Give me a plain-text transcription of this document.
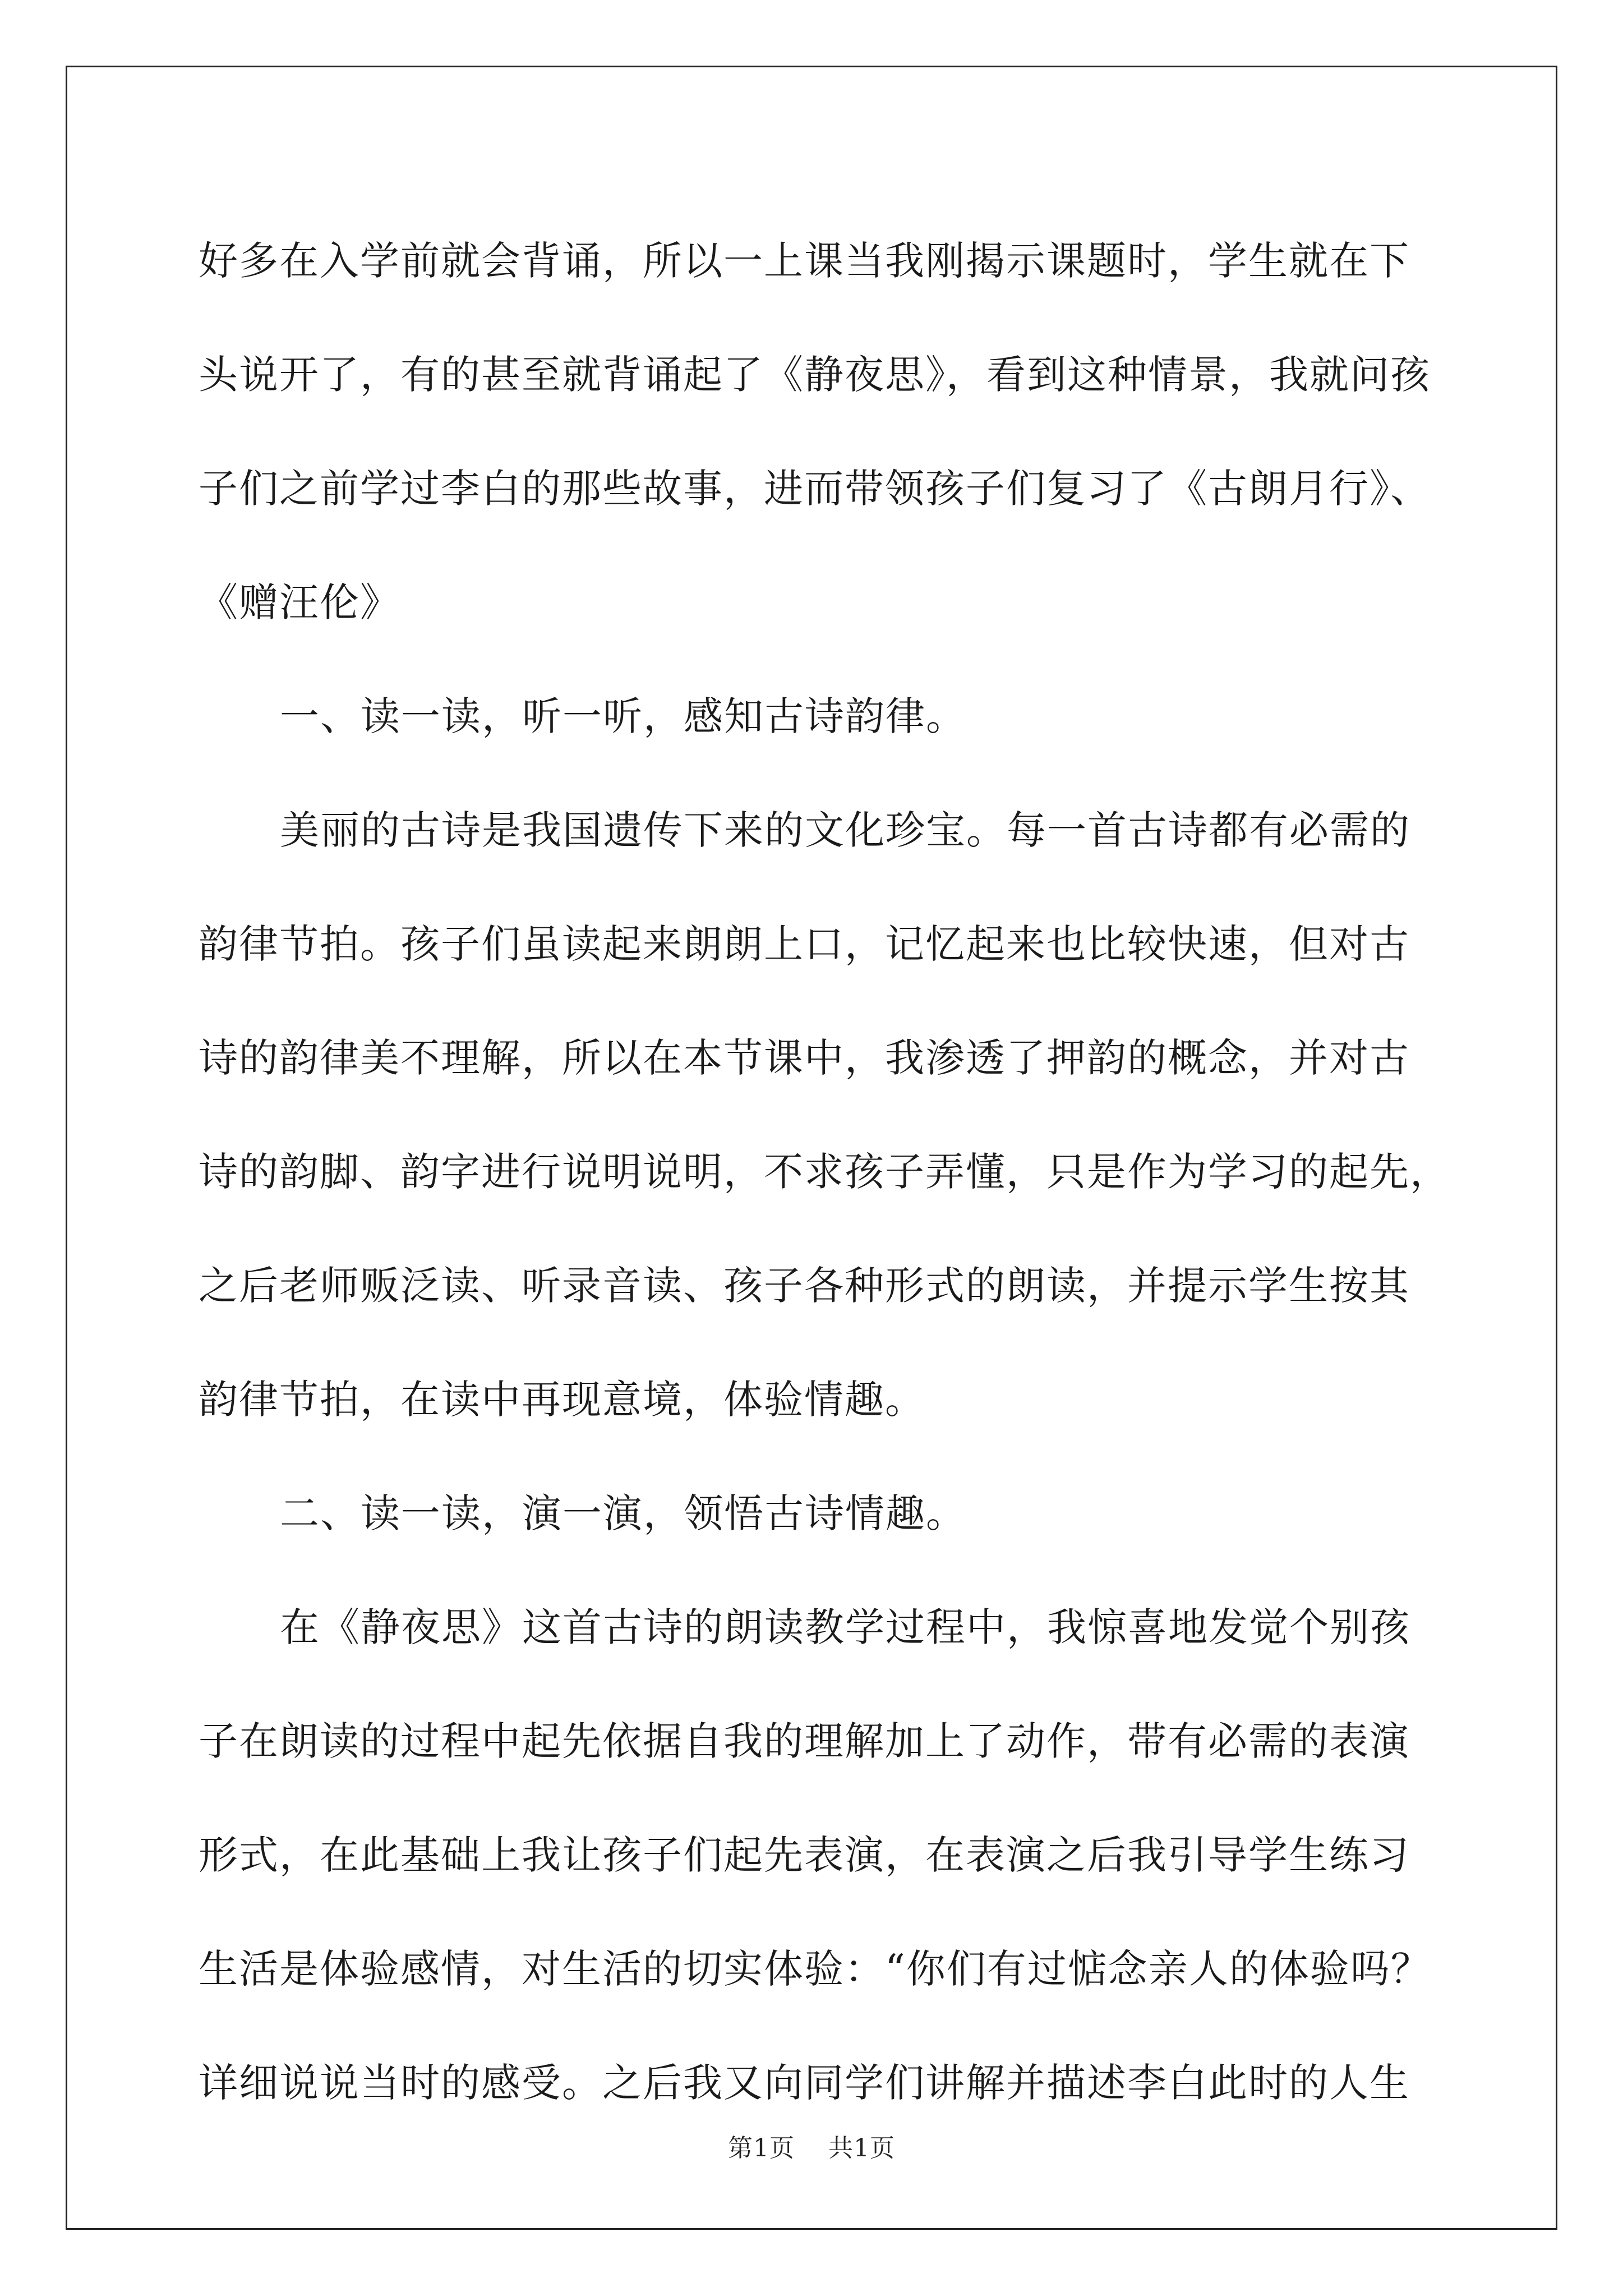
好多在入学前就会背诵，所以一上课当我刚揭示课题时，学生就在下

头说开了，有的甚至就背诵起了《静夜思》，看到这种情景，我就问孩

子们之前学过李白的那些故事，进而带领孩子们复习了《古朗月行》、

《赠汪伦》

一、读一读，听一听，感知古诗韵律。

美丽的古诗是我国遗传下来的文化珍宝。每一首古诗都有必需的

韵律节拍。孩子们虽读起来朗朗上口，记忆起来也比较快速，但对古

诗的韵律美不理解，所以在本节课中，我渗透了押韵的概念，并对古

诗的韵脚、韵字进行说明说明，不求孩子弄懂，只是作为学习的起先，

之后老师贩泛读、听录音读、孩子各种形式的朗读，并提示学生按其

韵律节拍，在读中再现意境，体验情趣。

二、读一读，演一演，领悟古诗情趣。

在《静夜思》这首古诗的朗读教学过程中，我惊喜地发觉个别孩

子在朗读的过程中起先依据自我的理解加上了动作，带有必需的表演

形式，在此基础上我让孩子们起先表演，在表演之后我引导学生练习

生活是体验感情，对生活的切实体验：“你们有过惦念亲人的体验吗？

详细说说当时的感受。之后我又向同学们讲解并描述李白此时的人生

第1页 共1页
